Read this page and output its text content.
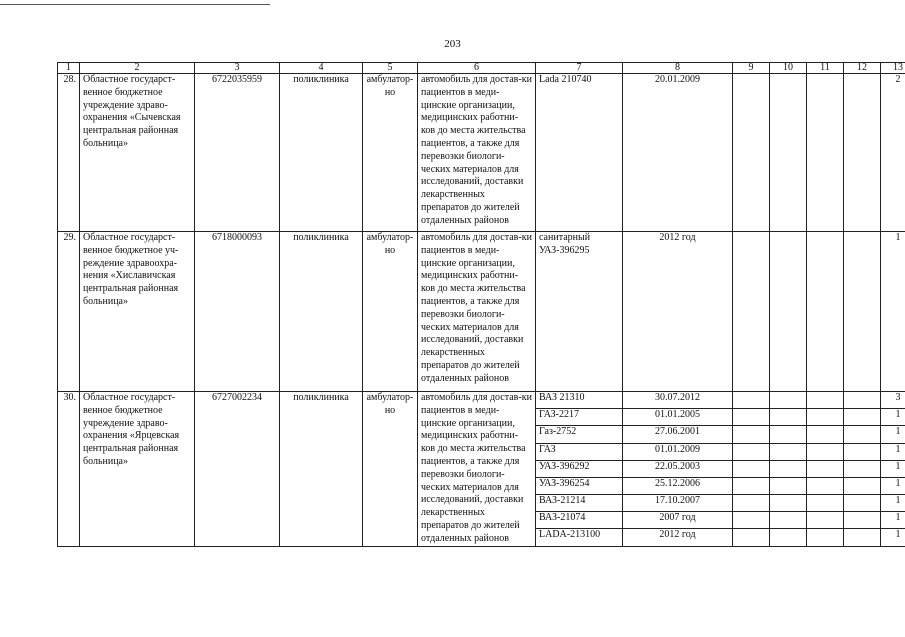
203
1	2	3	4	5	6	7	8	9	10	11	12	13
28.	Областное государст-венное бюджетное учреждение здраво-охранения «Сычевская центральная районная больница»	6722035959	поликлиника	амбулатор-но	автомобиль для достав-ки пациентов в меди-цинские организации, медицинских работни-ков до места жительства пациентов, а также для перевозки биологи-ческих материалов для исследований, доставки лекарственных препаратов до жителей отдаленных районов	Lada 210740	20.01.2009					2
29.	Областное государст-венное бюджетное уч-реждение здравоохра-нения «Хиславичская центральная районная больница»	6718000093	поликлиника	амбулатор-но	автомобиль для достав-ки пациентов в меди-цинские организации, медицинских работни-ков до места жительства пациентов, а также для перевозки биологи-ческих материалов для исследований, доставки лекарственных препаратов до жителей отдаленных районов	санитарный УАЗ-396295	2012 год					1
30.	Областное государст-венное бюджетное учреждение здраво-охранения «Ярцевская центральная районная больница»	6727002234	поликлиника	амбулатор-но	автомобиль для достав-ки пациентов в меди-цинские организации, медицинских работни-ков до места жительства пациентов, а также для перевозки биологи-ческих материалов для исследований, доставки лекарственных препаратов до жителей отдаленных районов	ВАЗ 21310	30.07.2012					3
						ГАЗ-2217	01.01.2005					1
						Газ-2752	27.06.2001					1
						ГАЗ	01.01.2009					1
						УАЗ-396292	22.05.2003					1
						УАЗ-396254	25.12.2006					1
						ВАЗ-21214	17.10.2007					1
						ВАЗ-21074	2007 год					1
						LADA-213100	2012 год					1
